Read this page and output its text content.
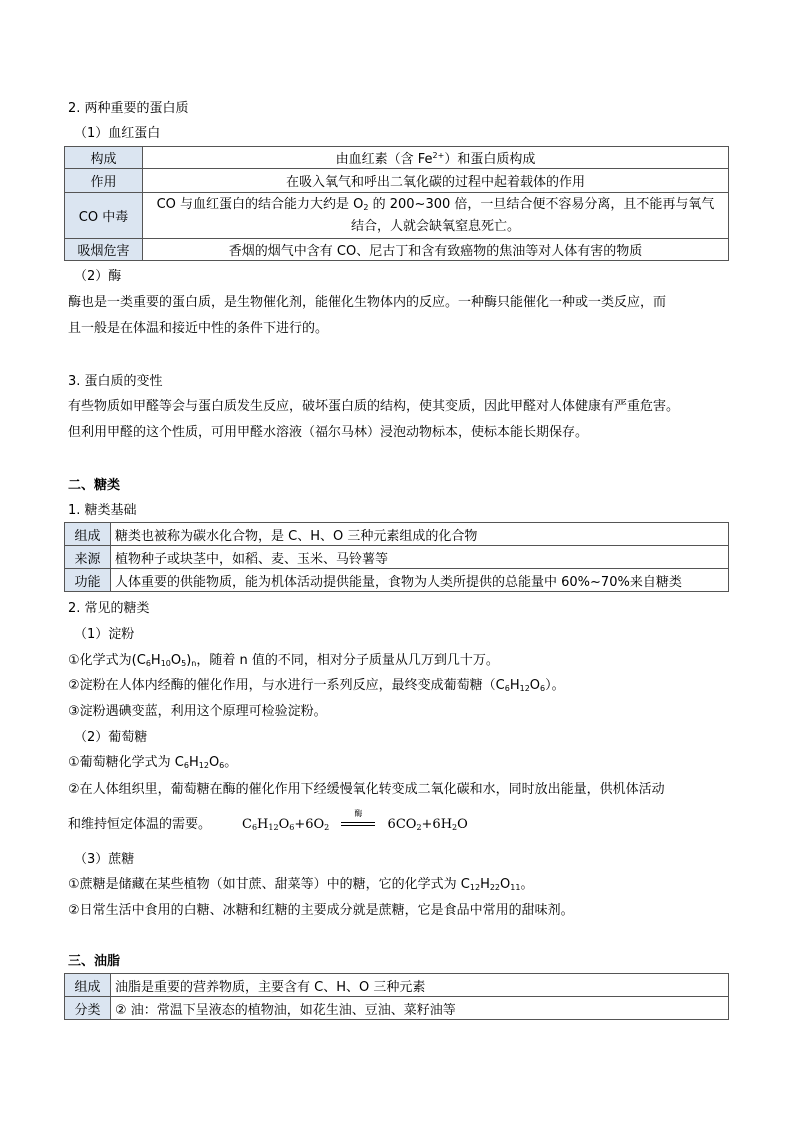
2. 两种重要的蛋白质
（1）血红蛋白
构成	由血红素（含 $Fe^{2+}$）和蛋白质构成
作用	在吸入氧气和呼出二氧化碳的过程中起着载体的作用
CO 中毒	CO 与血红蛋白的结合能力大约是 $O_2$ 的 200~300 倍，一旦结合便不容易分离，且不能再与氧气
结合，人就会缺氧窒息死亡。
吸烟危害	香烟的烟气中含有 CO、尼古丁和含有致癌物的焦油等对人体有害的物质
（2）酶
酶也是一类重要的蛋白质，是生物催化剂，能催化生物体内的反应。一种酶只能催化一种或一类反应，而
且一般是在体温和接近中性的条件下进行的。
3. 蛋白质的变性
有些物质如甲醛等会与蛋白质发生反应，破坏蛋白质的结构，使其变质，因此甲醛对人体健康有严重危害。
但利用甲醛的这个性质，可用甲醛水溶液（福尔马林）浸泡动物标本，使标本能长期保存。
二、糖类
1. 糖类基础
组成	糖类也被称为碳水化合物，是 C、H、O 三种元素组成的化合物
来源	植物种子或块茎中，如稻、麦、玉米、马铃薯等
功能	人体重要的供能物质，能为机体活动提供能量，食物为人类所提供的总能量中 60%~70%来自糖类
2. 常见的糖类
（1）淀粉
①化学式为$(C_6H_{10}O_5)_n$，随着 n 值的不同，相对分子质量从几万到几十万。
②淀粉在人体内经酶的催化作用，与水进行一系列反应，最终变成葡萄糖$(C_6H_{12}O_6)$。
③淀粉遇碘变蓝，利用这个原理可检验淀粉。
（2）葡萄糖
①葡萄糖化学式为 $C_6H_{12}O_6$。
②在人体组织里，葡萄糖在酶的催化作用下经缓慢氧化转变成二氧化碳和水，同时放出能量，供机体活动
和维持恒定体温的需要。 $C_6H_{12}O_6+6O_2$
酶
$6CO_2+6H_2O$
（3）蔗糖
①蔗糖是储藏在某些植物（如甘蔗、甜菜等）中的糖，它的化学式为 $C_{12}H_{22}O_{11}$。
②日常生活中食用的白糖、冰糖和红糖的主要成分就是蔗糖，它是食品中常用的甜味剂。
三、油脂
组成	油脂是重要的营养物质，主要含有 C、H、O 三种元素
分类	② 油：常温下呈液态的植物油，如花生油、豆油、菜籽油等
